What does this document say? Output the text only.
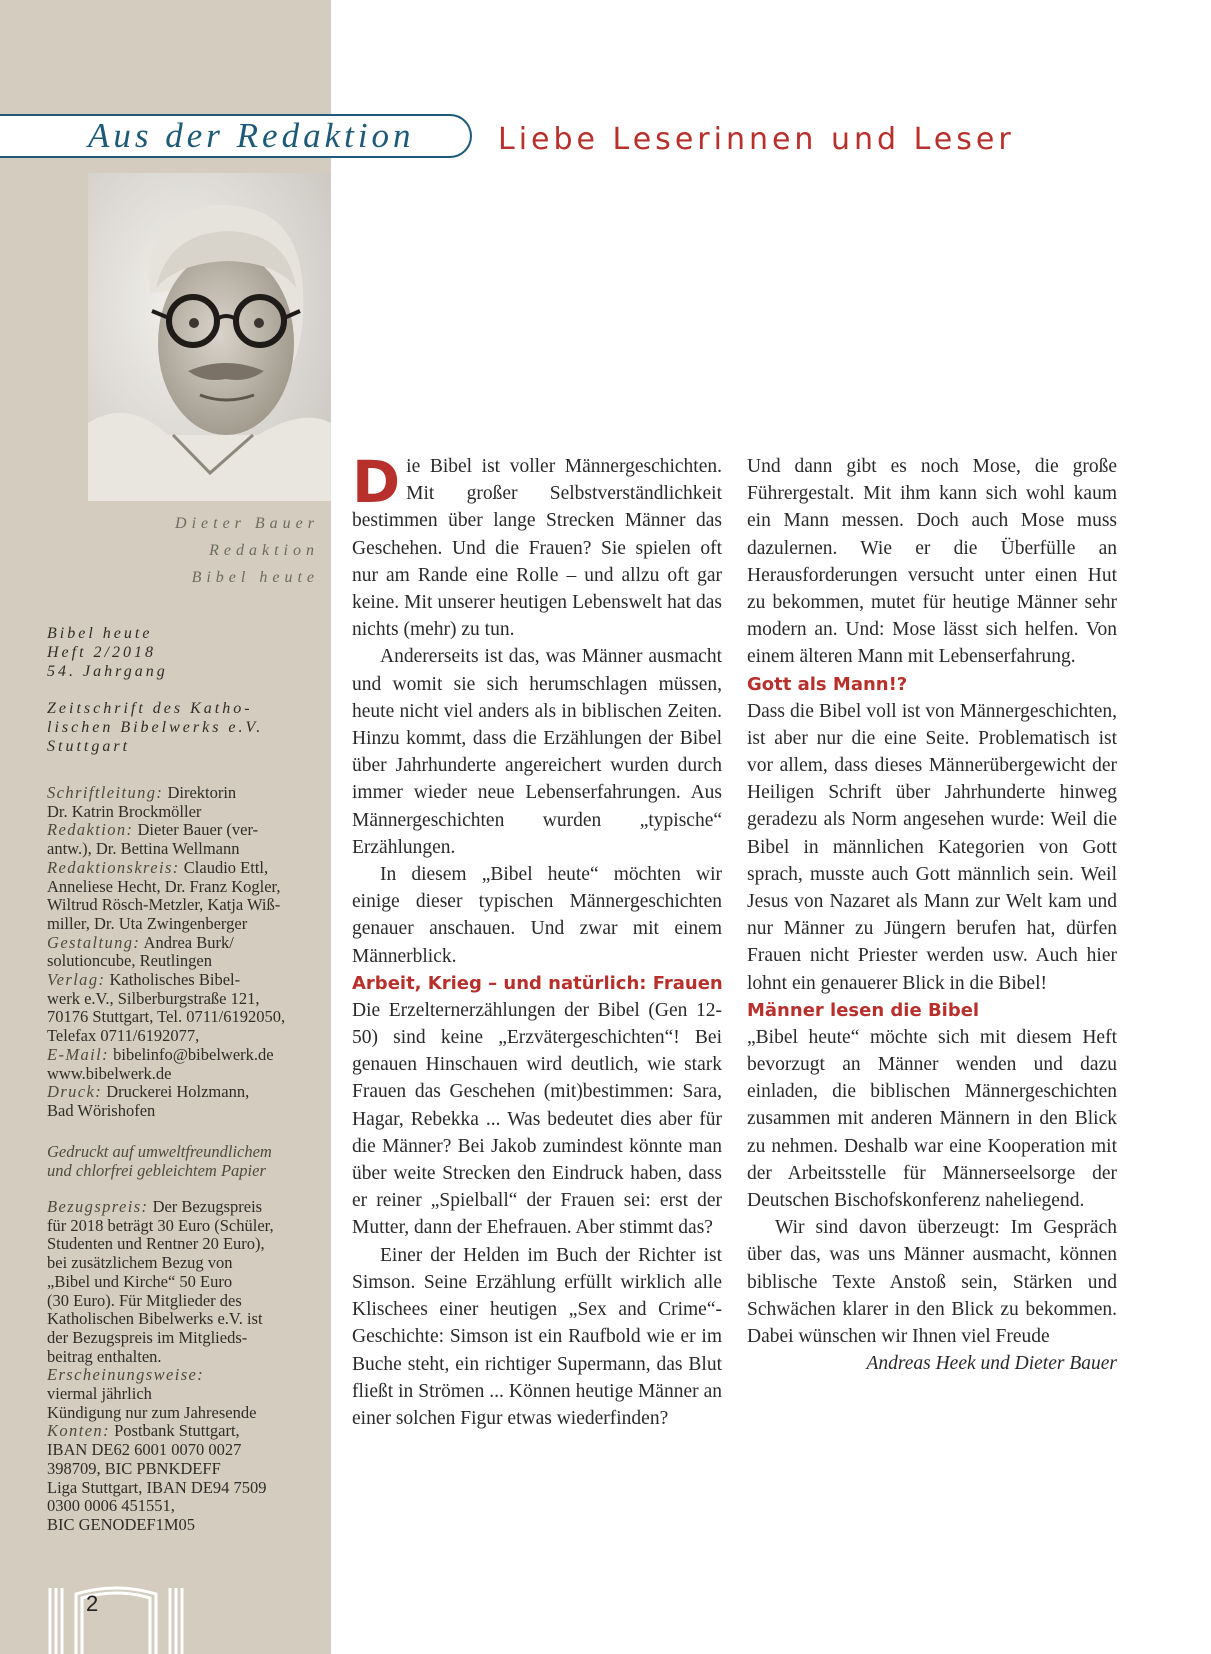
Aus der Redaktion	Liebe Leserinnen und Leser
Dieter Bauer
Redaktion
Bibel heute
Bibel heute
Heft 2/2018
54. Jahrgang
Zeitschrift des Katho-
lischen Bibelwerks e.V.
Stuttgart
Schriftleitung: Direktorin
Dr. Katrin Brockmöller
Redaktion: Dieter Bauer (ver-
antw.), Dr. Bettina Wellmann
Redaktionskreis: Claudio Ettl,
Anneliese Hecht, Dr. Franz Kogler,
Wiltrud Rösch-Metzler, Katja Wiß-
miller, Dr. Uta Zwingenberger
Gestaltung: Andrea Burk/
solutioncube, Reutlingen
Verlag: Katholisches Bibel-
werk e.V., Silberburgstraße 121,
70176 Stuttgart, Tel. 0711/6192050,
Telefax 0711/6192077,
E-Mail: bibelinfo@bibelwerk.de
www.bibelwerk.de
Druck: Druckerei Holzmann,
Bad Wörishofen
Gedruckt auf umweltfreundlichem
und chlorfrei gebleichtem Papier
Bezugspreis: Der Bezugspreis
für 2018 beträgt 30 Euro (Schüler,
Studenten und Rentner 20 Euro),
bei zusätzlichem Bezug von
„Bibel und Kirche“ 50 Euro
(30 Euro). Für Mitglieder des
Katholischen Bibelwerks e.V. ist
der Bezugspreis im Mitglieds-
beitrag enthalten.
Erscheinungsweise:
viermal jährlich
Kündigung nur zum Jahresende
Konten: Postbank Stuttgart,
IBAN DE62 6001 0070 0027
398709, BIC PBNKDEFF
Liga Stuttgart, IBAN DE94 7509
0300 0006 451551,
BIC GENODEF1M05
2

Die Bibel ist voller Männergeschichten. Mit großer Selbstverständlichkeit bestimmen über lange Strecken Männer das Geschehen. Und die Frauen? Sie spielen oft nur am Rande eine Rolle – und allzu oft gar keine. Mit unserer heutigen Lebenswelt hat das nichts (mehr) zu tun.

Andererseits ist das, was Männer ausmacht und womit sie sich herumschlagen müssen, heute nicht viel anders als in biblischen Zeiten. Hinzu kommt, dass die Erzählungen der Bibel über Jahrhunderte angereichert wurden durch immer wieder neue Lebenserfahrungen. Aus Männergeschichten wurden „typische“ Erzählungen.

In diesem „Bibel heute“ möchten wir einige dieser typischen Männergeschichten genauer anschauen. Und zwar mit einem Männerblick.

Arbeit, Krieg – und natürlich: Frauen

Die Erzelternerzählungen der Bibel (Gen 12-50) sind keine „Erzvätergeschichten“! Bei genauen Hinschauen wird deutlich, wie stark Frauen das Geschehen (mit)bestimmen: Sara, Hagar, Rebekka ... Was bedeutet dies aber für die Männer? Bei Jakob zumindest könnte man über weite Strecken den Eindruck haben, dass er reiner „Spielball“ der Frauen sei: erst der Mutter, dann der Ehefrauen. Aber stimmt das?

Einer der Helden im Buch der Richter ist Simson. Seine Erzählung erfüllt wirklich alle Klischees einer heutigen „Sex and Crime“-Geschichte: Simson ist ein Raufbold wie er im Buche steht, ein richtiger Supermann, das Blut fließt in Strömen ... Können heutige Männer an einer solchen Figur etwas wiederfinden?

Und dann gibt es noch Mose, die große Führergestalt. Mit ihm kann sich wohl kaum ein Mann messen. Doch auch Mose muss dazulernen. Wie er die Überfülle an Herausforderungen versucht unter einen Hut zu bekommen, mutet für heutige Männer sehr modern an. Und: Mose lässt sich helfen. Von einem älteren Mann mit Lebenserfahrung.

Gott als Mann!?

Dass die Bibel voll ist von Männergeschichten, ist aber nur die eine Seite. Problematisch ist vor allem, dass dieses Männerübergewicht der Heiligen Schrift über Jahrhunderte hinweg geradezu als Norm angesehen wurde: Weil die Bibel in männlichen Kategorien von Gott sprach, musste auch Gott männlich sein. Weil Jesus von Nazaret als Mann zur Welt kam und nur Männer zu Jüngern berufen hat, dürfen Frauen nicht Priester werden usw. Auch hier lohnt ein genauerer Blick in die Bibel!

Männer lesen die Bibel

„Bibel heute“ möchte sich mit diesem Heft bevorzugt an Männer wenden und dazu einladen, die biblischen Männergeschichten zusammen mit anderen Männern in den Blick zu nehmen. Deshalb war eine Kooperation mit der Arbeitsstelle für Männerseelsorge der Deutschen Bischofskonferenz naheliegend.

Wir sind davon überzeugt: Im Gespräch über das, was uns Männer ausmacht, können biblische Texte Anstoß sein, Stärken und Schwächen klarer in den Blick zu bekommen. Dabei wünschen wir Ihnen viel Freude

Andreas Heek und Dieter Bauer
